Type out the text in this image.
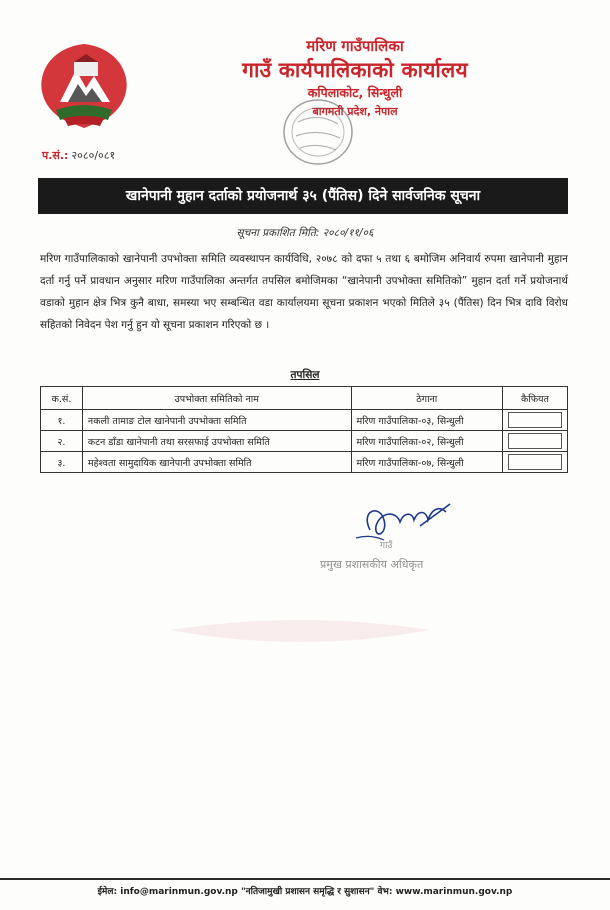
मरिण गाउँपालिका
गाउँ कार्यपालिकाको कार्यालय
कपिलाकोट, सिन्धुली
बागमती प्रदेश, नेपाल
प.सं.: २०८०/०८१
खानेपानी मुहान दर्ताको प्रयोजनार्थ ३५ (पैंतिस) दिने सार्वजनिक सूचना
सूचना प्रकाशित मिति: २०८०/११/०६
मरिण गाउँपालिकाको खानेपानी उपभोक्ता समिति व्यवस्थापन कार्यविधि, २०७८ को दफा ५ तथा ६ बमोजिम अनिवार्य रुपमा खानेपानी मुहान दर्ता गर्नु पर्ने प्रावधान अनुसार मरिण गाउँपालिका अन्तर्गत तपसिल बमोजिमका “खानेपानी उपभोक्ता समितिको” मुहान दर्ता गर्ने प्रयोजनार्थ वडाको मुहान क्षेत्र भित्र कुनै बाधा, समस्या भए सम्बन्धित वडा कार्यालयमा सूचना प्रकाशन भएको मितिले ३५ (पैंतिस) दिन भित्र दावि विरोध सहितको निवेदन पेश गर्नु हुन यो सूचना प्रकाशन गरिएको छ ।
तपसिल
क.सं.	उपभोक्ता समितिको नाम	ठेगाना	कैफियत
१.	नकली तामाङ टोल खानेपानी उपभोक्ता समिति	मरिण गाउँपालिका-०३, सिन्धुली	
२.	कटन डाँडा खानेपानी तथा सरसफाई उपभोक्ता समिति	मरिण गाउँपालिका-०२, सिन्धुली	
३.	महेश्वता सामुदायिक खानेपानी उपभोक्ता समिति	मरिण गाउँपालिका-०७, सिन्धुली	
गाउँ
प्रमुख प्रशासकीय अधिकृत
ईमेल: info@marinmun.gov.np "नतिजामुखी प्रशासन समृद्धि र सुशासन" वेभ: www.marinmun.gov.np
